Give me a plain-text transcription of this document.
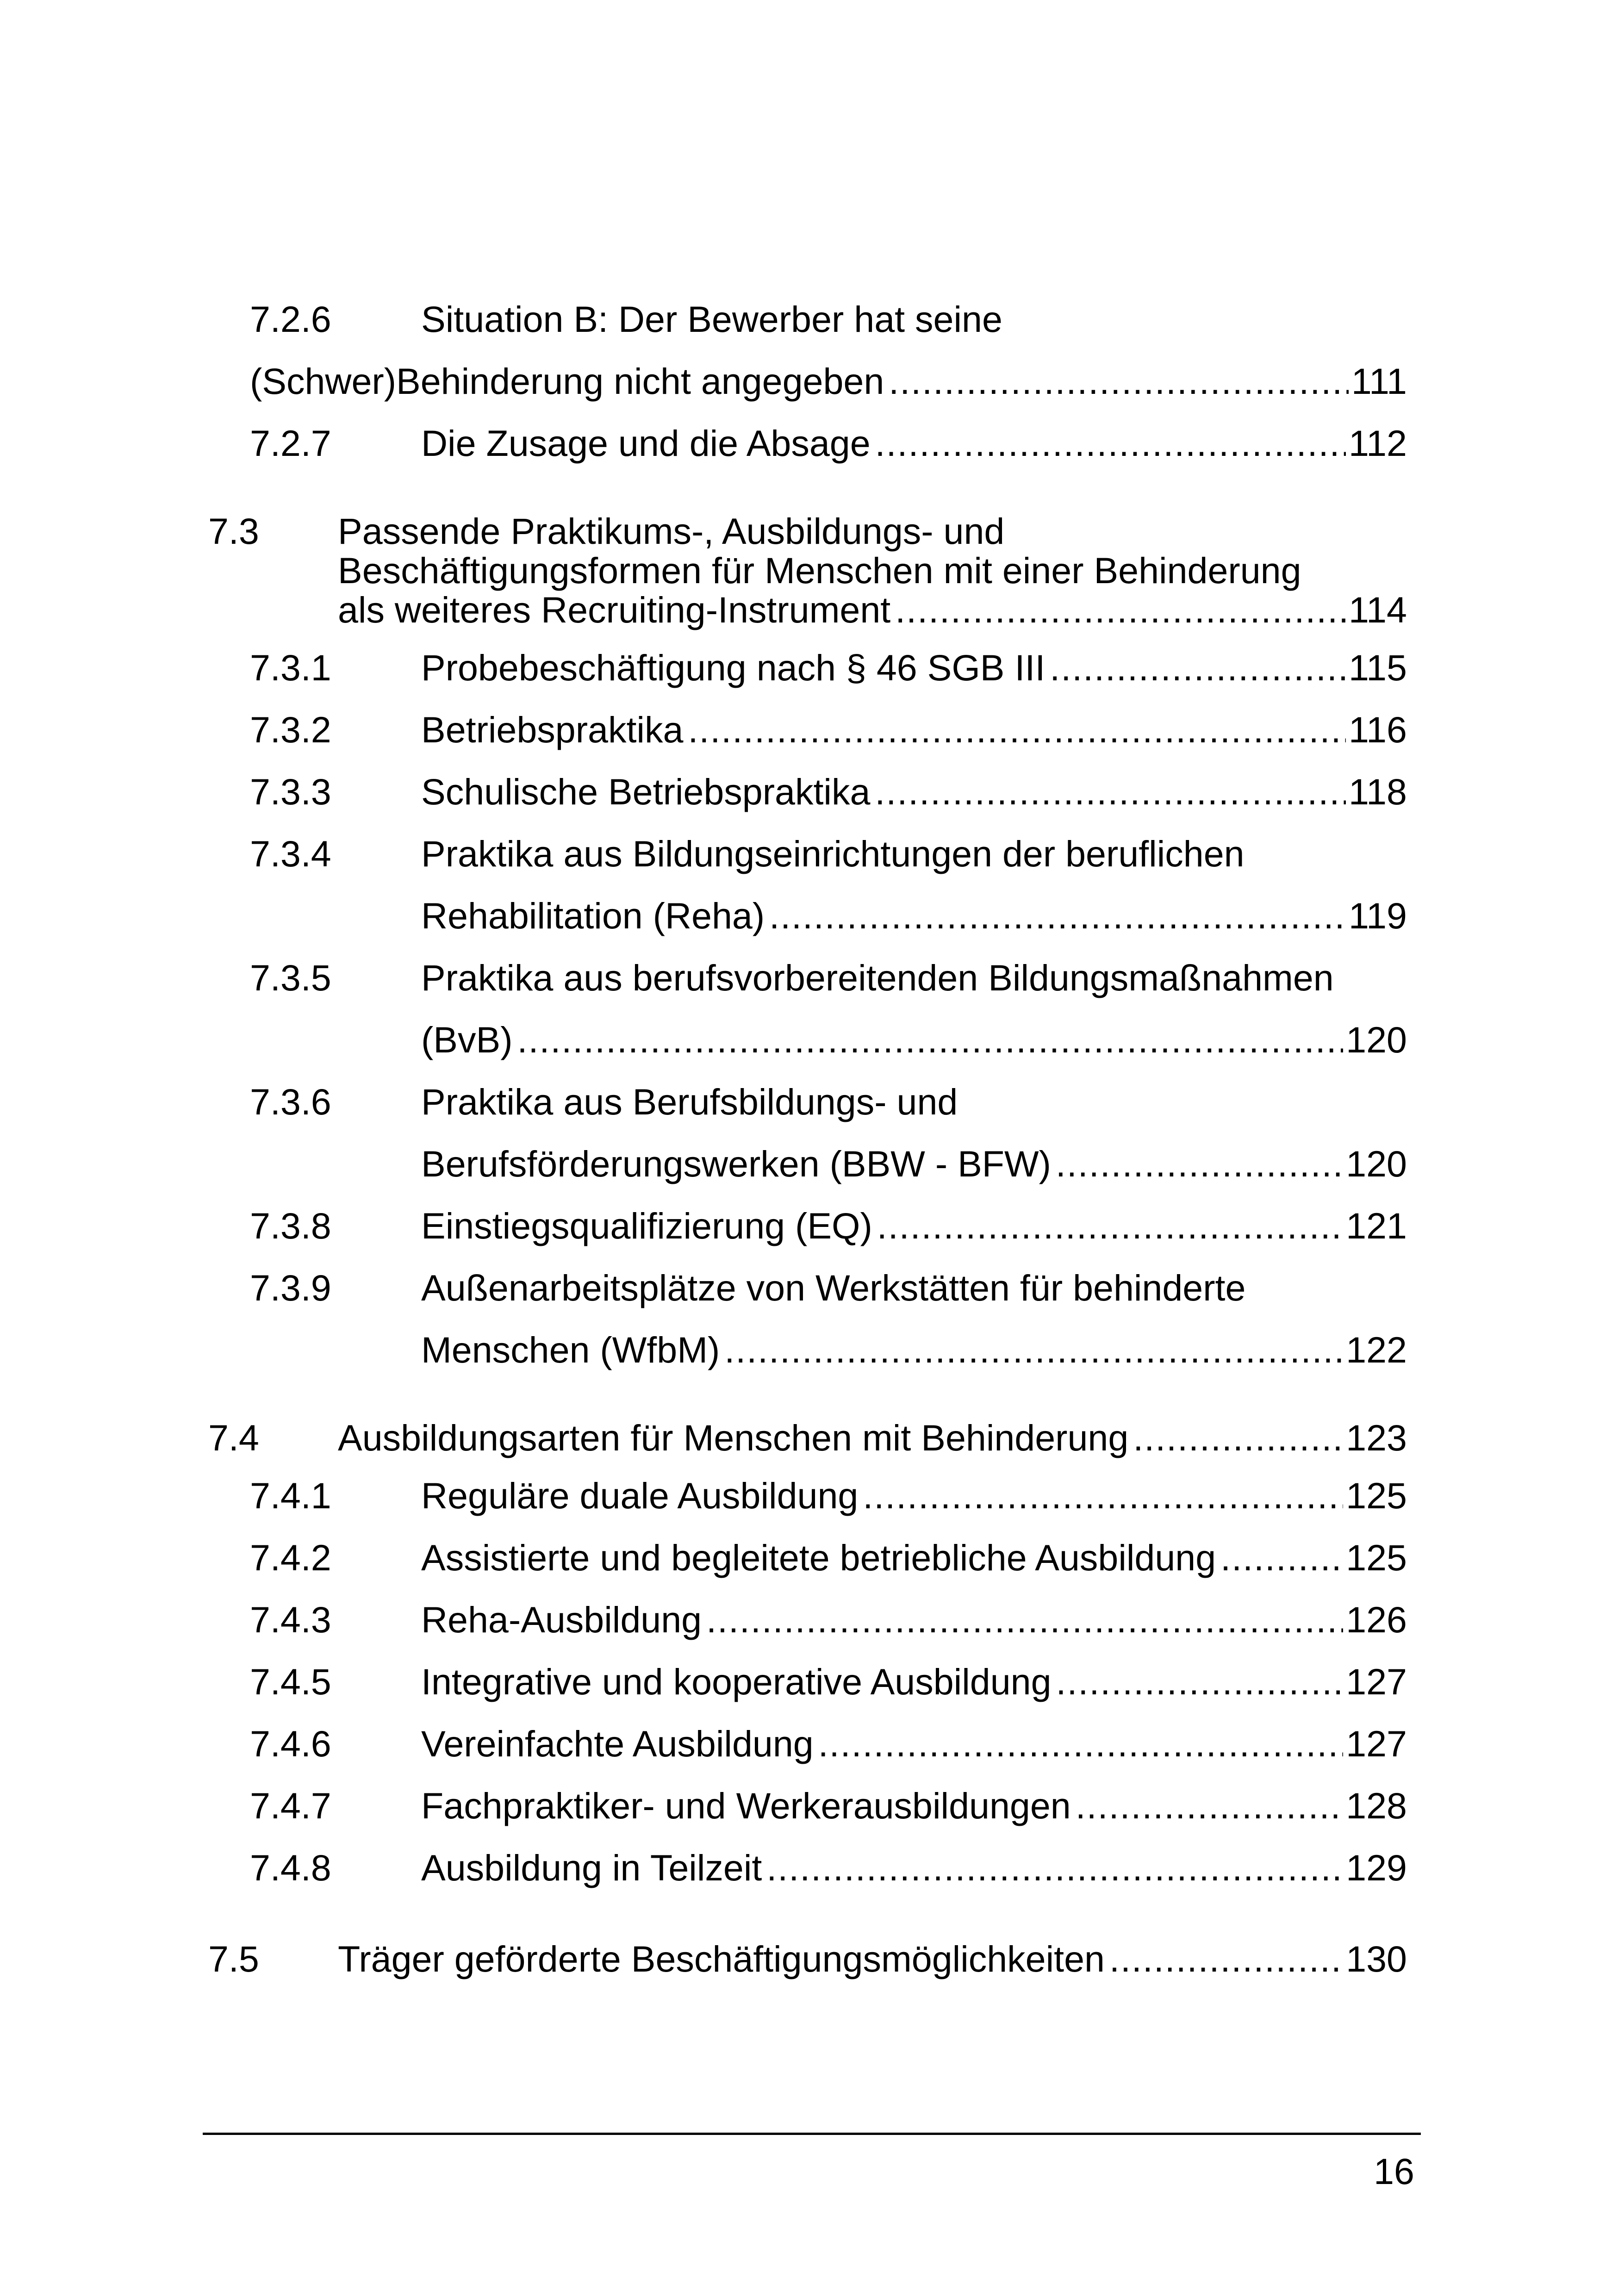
7.2.6 Situation B: Der Bewerber hat seine
(Schwer)Behinderung nicht angegeben .....	111
7.2.7 Die Zusage und die Absage .....	112
7.3 Passende Praktikums-, Ausbildungs- und
Beschäftigungsformen für Menschen mit einer Behinderung
als weiteres Recruiting-Instrument .....	114
7.3.1 Probebeschäftigung nach § 46 SGB III .....	115
7.3.2 Betriebspraktika .....	116
7.3.3 Schulische Betriebspraktika .....	118
7.3.4 Praktika aus Bildungseinrichtungen der beruflichen
Rehabilitation (Reha) .....	119
7.3.5 Praktika aus berufsvorbereitenden Bildungsmaßnahmen
(BvB) .....	120
7.3.6 Praktika aus Berufsbildungs- und
Berufsförderungswerken (BBW - BFW) .....	120
7.3.8 Einstiegsqualifizierung (EQ) .....	121
7.3.9 Außenarbeitsplätze von Werkstätten für behinderte
Menschen (WfbM) .....	122
7.4 Ausbildungsarten für Menschen mit Behinderung .....	123
7.4.1 Reguläre duale Ausbildung .....	125
7.4.2 Assistierte und begleitete betriebliche Ausbildung .....	125
7.4.3 Reha-Ausbildung .....	126
7.4.5 Integrative und kooperative Ausbildung .....	127
7.4.6 Vereinfachte Ausbildung .....	127
7.4.7 Fachpraktiker- und Werkerausbildungen .....	128
7.4.8 Ausbildung in Teilzeit .....	129
7.5 Träger geförderte Beschäftigungsmöglichkeiten .....	130
16
